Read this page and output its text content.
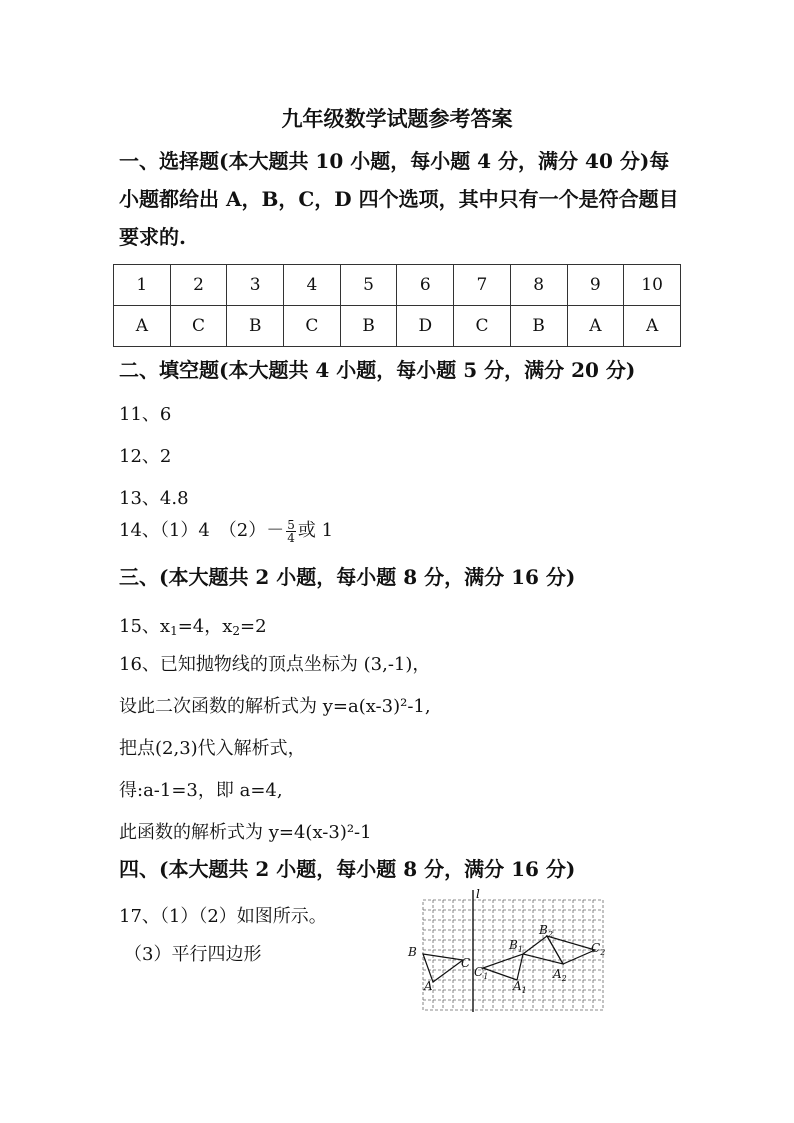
九年级数学试题参考答案
一、选择题(本大题共 10 小题，每小题 4 分，满分 40 分)每小题都给出 A，B，C，D 四个选项，其中只有一个是符合题目要求的.
1	2	3	4	5	6	7	8	9	10
A	C	B	C	B	D	C	B	A	A
二、填空题(本大题共 4 小题，每小题 5 分，满分 20 分)
11、6
12、2
13、4.8
14、（1）4　$(2)- \frac{5}{4}$ 或 1
三、(本大题共 2 小题，每小题 8 分，满分 16 分)
15、$x_1=4$，$x_2=2$
16、已知抛物线的顶点坐标为 (3,-1)，
设此二次函数的解析式为 y=a(x-3)²-1,
把点(2,3)代入解析式，
得:a-1=3，即 a=4,
此函数的解析式为 y=4(x-3)²-1
四、(本大题共 2 小题，每小题 8 分，满分 16 分)
17、（1）（2）如图所示。
（3）平行四边形
l
B
A
C
$C_1$
$B_1$
$A_1$
$B_2$
$A_2$
$C_2$
